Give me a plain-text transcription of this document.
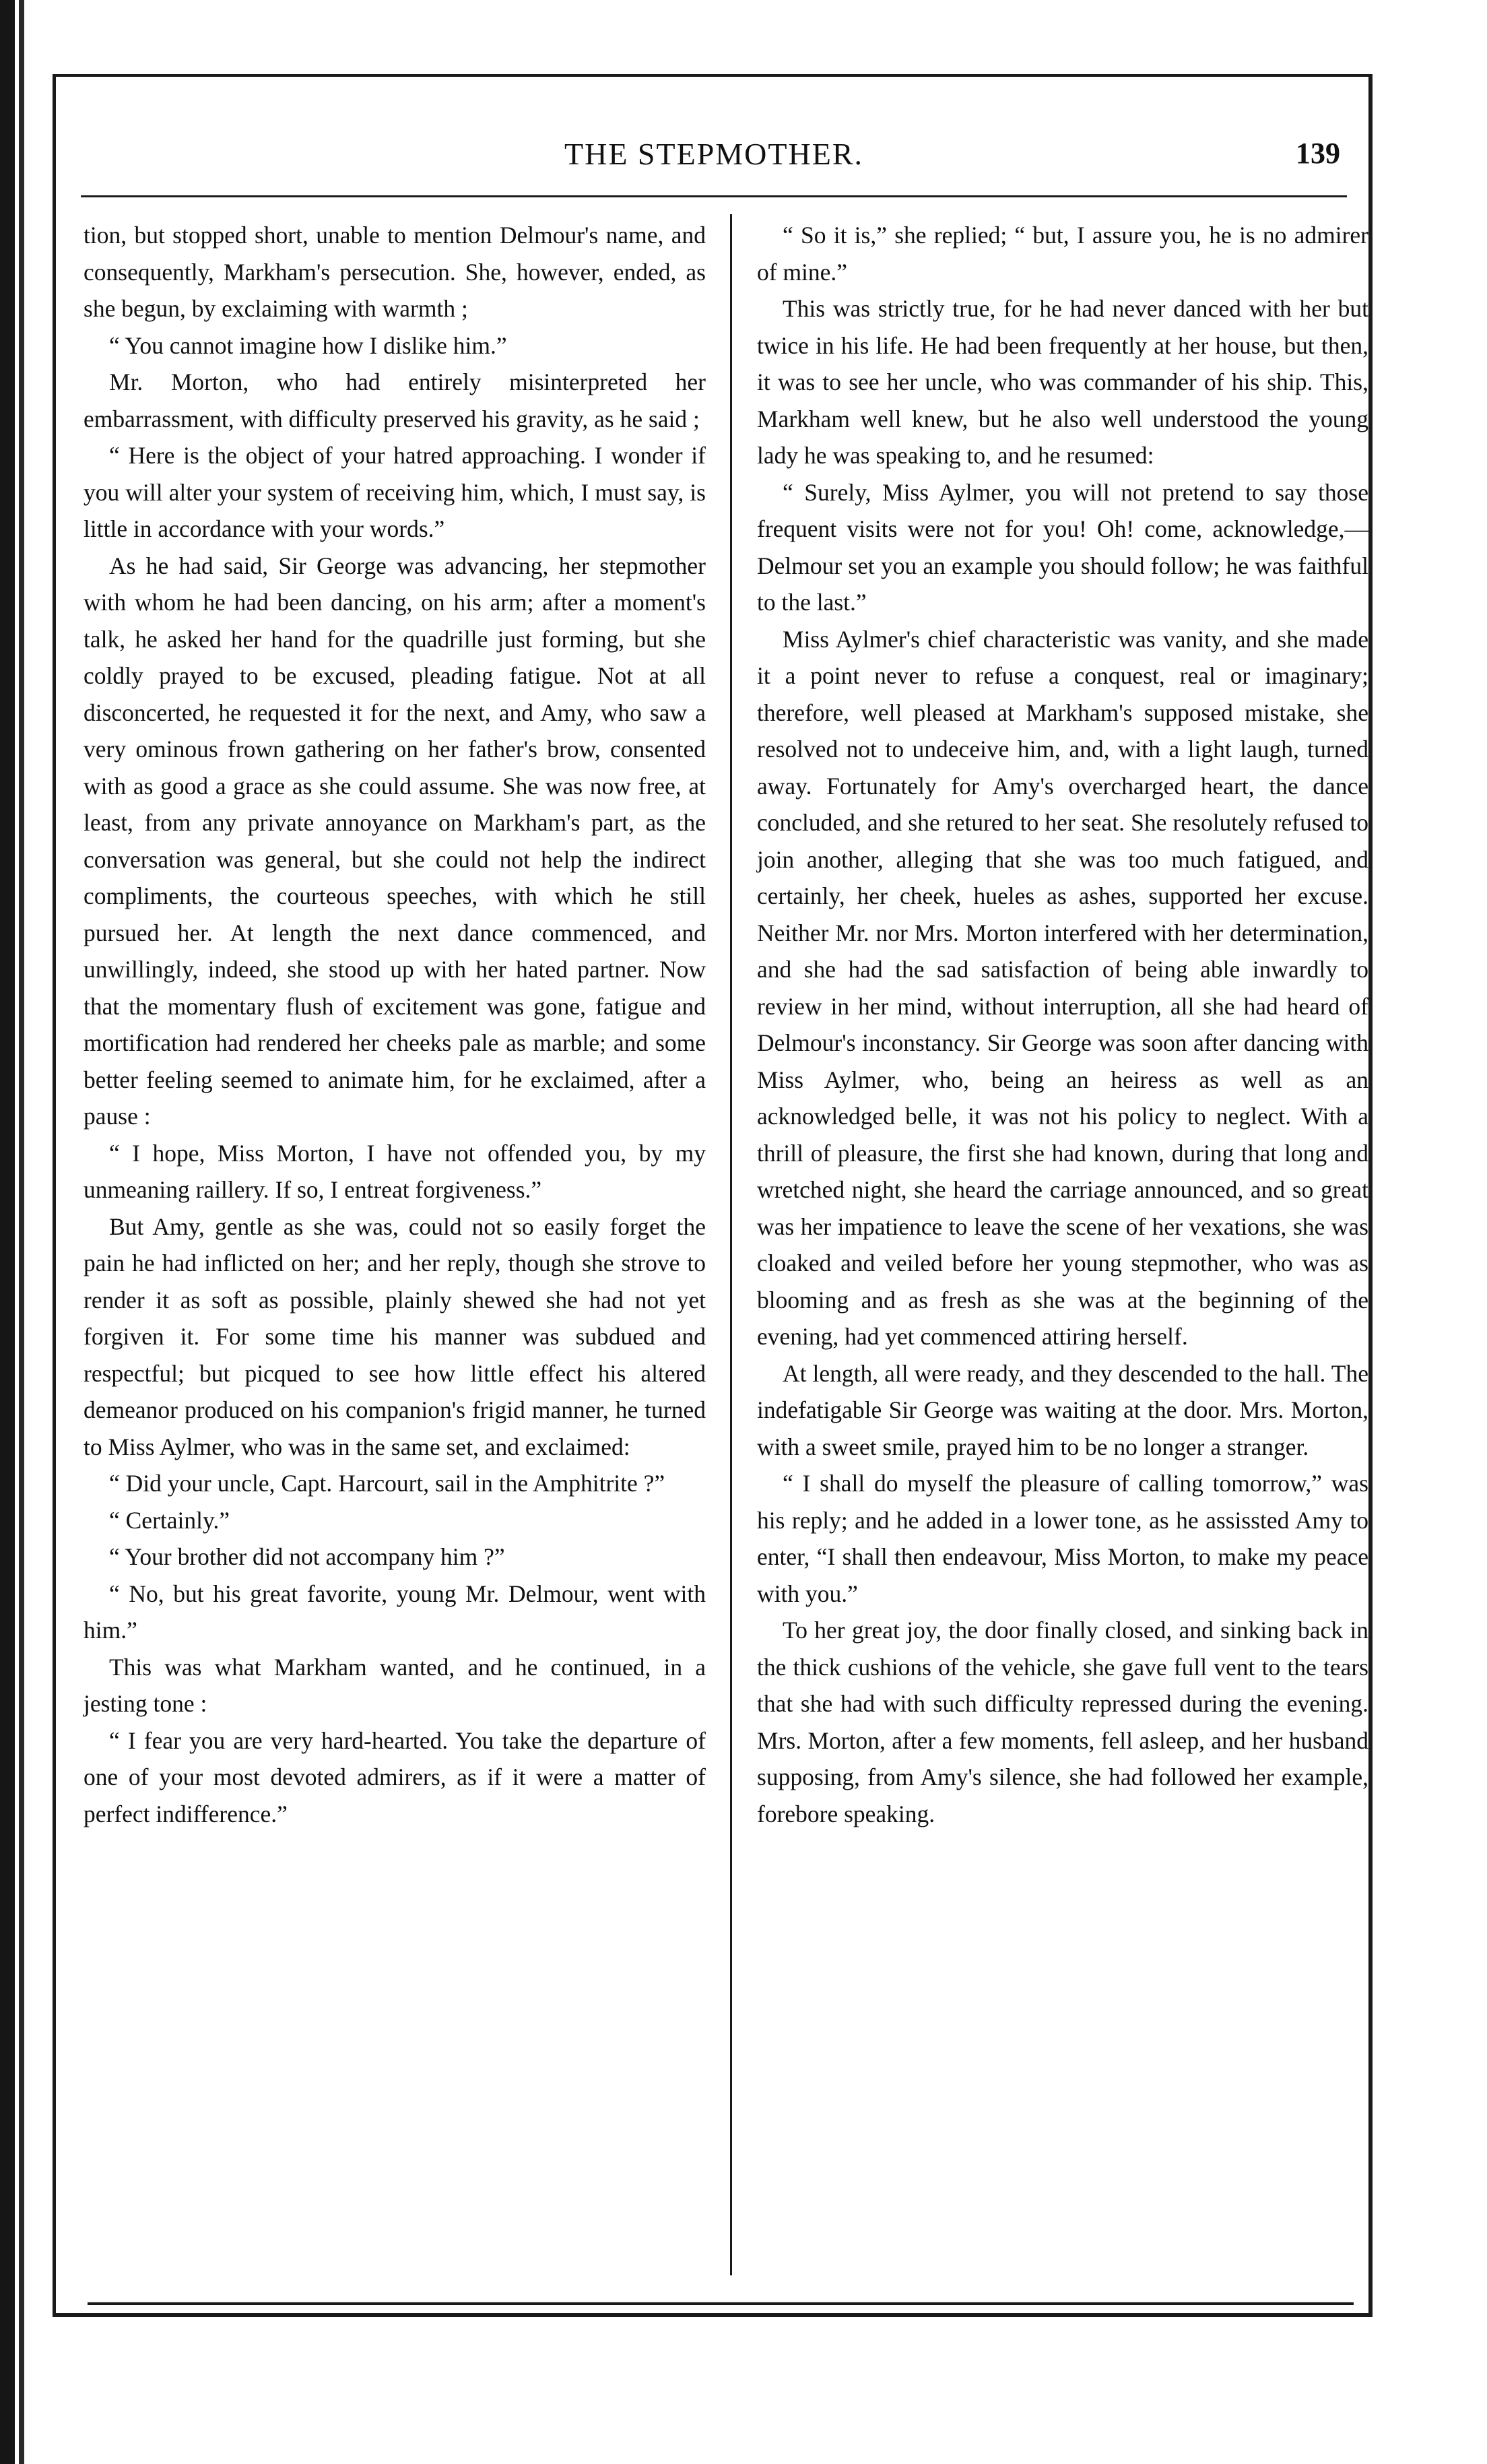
THE STEPMOTHER.	139

tion, but stopped short, unable to mention Delmour's name, and consequently, Markham's persecution. She, however, ended, as she begun, by exclaiming with warmth ;

“ You cannot imagine how I dislike him.”

Mr. Morton, who had entirely misinterpreted her embarrassment, with difficulty preserved his gravity, as he said ;

“ Here is the object of your hatred approaching. I wonder if you will alter your system of receiving him, which, I must say, is little in accordance with your words.”

As he had said, Sir George was advancing, her stepmother with whom he had been dancing, on his arm; after a moment's talk, he asked her hand for the quadrille just forming, but she coldly prayed to be excused, pleading fatigue. Not at all disconcerted, he requested it for the next, and Amy, who saw a very ominous frown gathering on her father's brow, consented with as good a grace as she could assume. She was now free, at least, from any private annoyance on Markham's part, as the conversation was general, but she could not help the indirect compliments, the courteous speeches, with which he still pursued her. At length the next dance commenced, and unwillingly, indeed, she stood up with her hated partner. Now that the momentary flush of excitement was gone, fatigue and mortification had rendered her cheeks pale as marble; and some better feeling seemed to animate him, for he exclaimed, after a pause :

“ I hope, Miss Morton, I have not offended you, by my unmeaning raillery. If so, I entreat forgiveness.”

But Amy, gentle as she was, could not so easily forget the pain he had inflicted on her; and her reply, though she strove to render it as soft as possible, plainly shewed she had not yet forgiven it. For some time his manner was subdued and respectful; but picqued to see how little effect his altered demeanor produced on his companion's frigid manner, he turned to Miss Aylmer, who was in the same set, and exclaimed:

“ Did your uncle, Capt. Harcourt, sail in the Amphitrite ?”

“ Certainly.”

“ Your brother did not accompany him ?”

“ No, but his great favorite, young Mr. Delmour, went with him.”

This was what Markham wanted, and he continued, in a jesting tone :

“ I fear you are very hard-hearted. You take the departure of one of your most devoted admirers, as if it were a matter of perfect indifference.”

“ So it is,” she replied; “ but, I assure you, he is no admirer of mine.”

This was strictly true, for he had never danced with her but twice in his life. He had been frequently at her house, but then, it was to see her uncle, who was commander of his ship. This, Markham well knew, but he also well understood the young lady he was speaking to, and he resumed:

“ Surely, Miss Aylmer, you will not pretend to say those frequent visits were not for you! Oh! come, acknowledge,—Delmour set you an example you should follow; he was faithful to the last.”

Miss Aylmer's chief characteristic was vanity, and she made it a point never to refuse a conquest, real or imaginary; therefore, well pleased at Markham's supposed mistake, she resolved not to undeceive him, and, with a light laugh, turned away. Fortunately for Amy's overcharged heart, the dance concluded, and she retured to her seat. She resolutely refused to join another, alleging that she was too much fatigued, and certainly, her cheek, hueles as ashes, supported her excuse. Neither Mr. nor Mrs. Morton interfered with her determination, and she had the sad satisfaction of being able inwardly to review in her mind, without interruption, all she had heard of Delmour's inconstancy. Sir George was soon after dancing with Miss Aylmer, who, being an heiress as well as an acknowledged belle, it was not his policy to neglect. With a thrill of pleasure, the first she had known, during that long and wretched night, she heard the carriage announced, and so great was her impatience to leave the scene of her vexations, she was cloaked and veiled before her young stepmother, who was as blooming and as fresh as she was at the beginning of the evening, had yet commenced attiring herself.

At length, all were ready, and they descended to the hall. The indefatigable Sir George was waiting at the door. Mrs. Morton, with a sweet smile, prayed him to be no longer a stranger.

“ I shall do myself the pleasure of calling tomorrow,” was his reply; and he added in a lower tone, as he assissted Amy to enter, “I shall then endeavour, Miss Morton, to make my peace with you.”

To her great joy, the door finally closed, and sinking back in the thick cushions of the vehicle, she gave full vent to the tears that she had with such difficulty repressed during the evening. Mrs. Morton, after a few moments, fell asleep, and her husband supposing, from Amy's silence, she had followed her example, forebore speaking.
